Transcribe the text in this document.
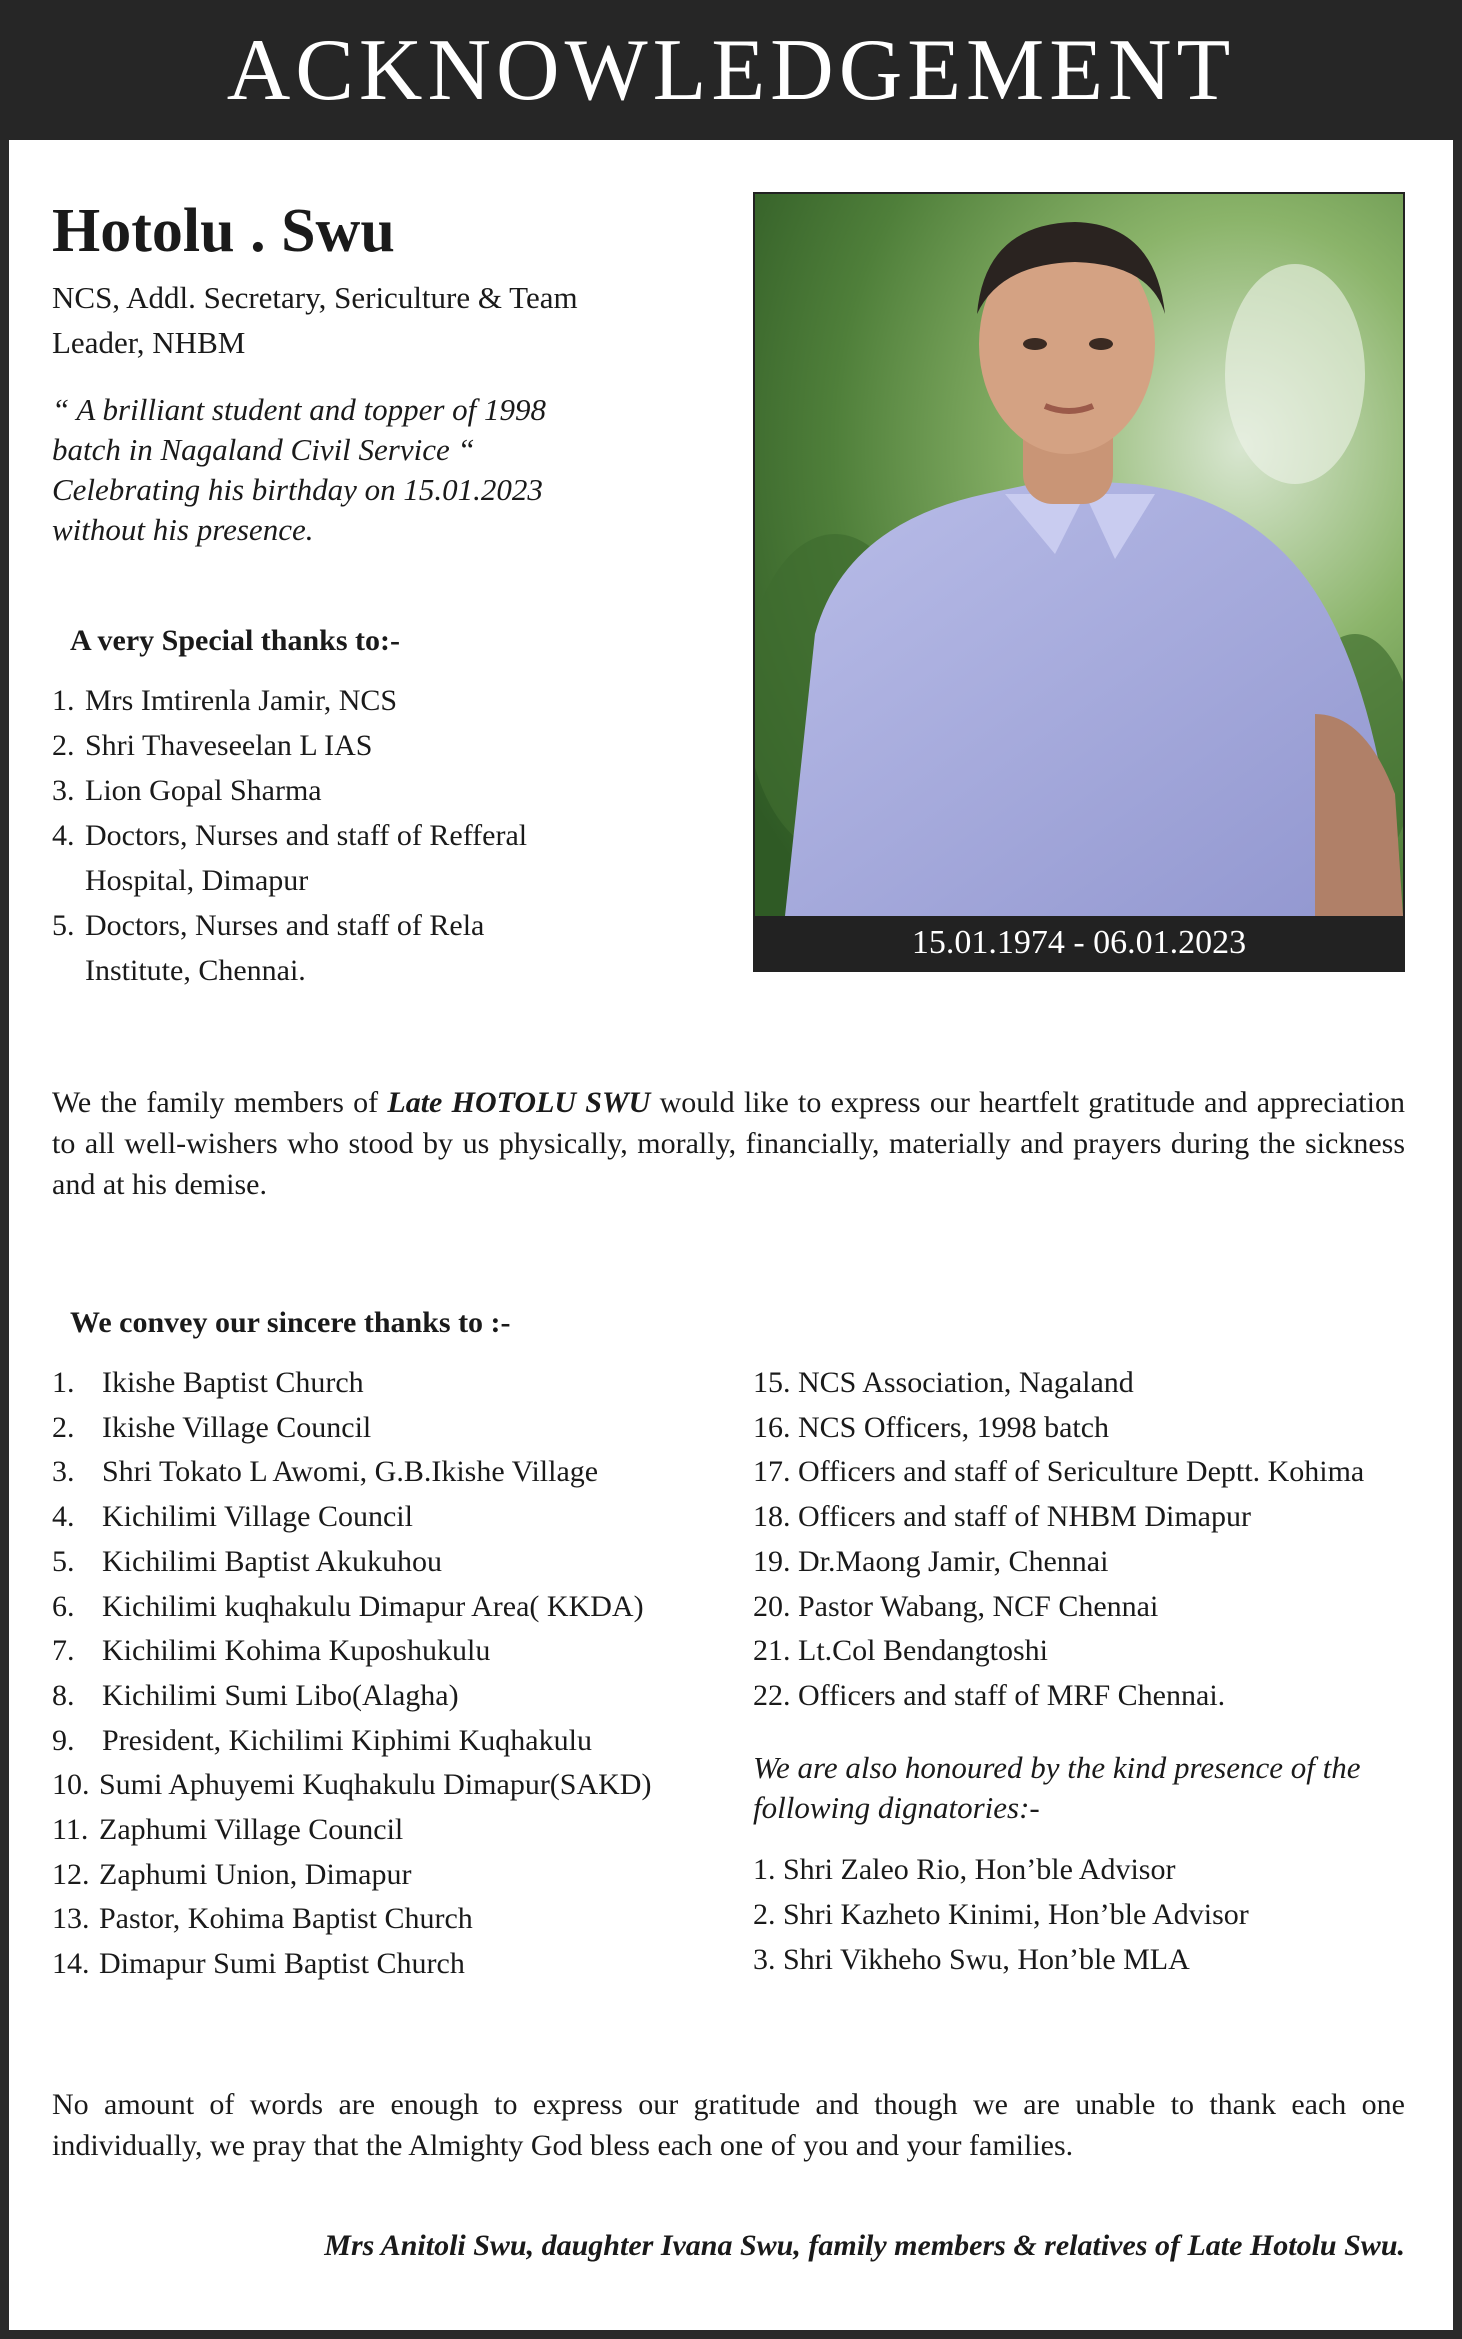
ACKNOWLEDGEMENT
Hotolu . Swu

NCS, Addl. Secretary, Sericulture & Team Leader, NHBM

“ A brilliant student and topper of 1998
batch in Nagaland Civil Service “
Celebrating his birthday on 15.01.2023
without his presence.

A very Special thanks to:-

1. Mrs Imtirenla Jamir, NCS
2. Shri Thaveseelan L IAS
3. Lion Gopal Sharma
4. Doctors, Nurses and staff of Refferal Hospital, Dimapur
5. Doctors, Nurses and staff of Rela Institute, Chennai.
15.01.1974 - 06.01.2023

We the family members of Late HOTOLU SWU would like to express our heartfelt gratitude and appreciation to all well-wishers who stood by us physically, morally, financially, materially and prayers during the sickness and at his demise.

We convey our sincere thanks to :-

1. Ikishe Baptist Church
2. Ikishe Village Council
3. Shri Tokato L Awomi, G.B.Ikishe Village
4. Kichilimi Village Council
5. Kichilimi Baptist Akukuhou
6. Kichilimi kuqhakulu Dimapur Area( KKDA)
7. Kichilimi Kohima Kuposhukulu
8. Kichilimi Sumi Libo(Alagha)
9. President, Kichilimi Kiphimi Kuqhakulu
10. Sumi Aphuyemi Kuqhakulu Dimapur(SAKD)
11. Zaphumi Village Council
12. Zaphumi Union, Dimapur
13. Pastor, Kohima Baptist Church
14. Dimapur Sumi Baptist Church
15. NCS Association, Nagaland
16. NCS Officers, 1998 batch
17. Officers and staff of Sericulture Deptt. Kohima
18. Officers and staff of NHBM Dimapur
19. Dr.Maong Jamir, Chennai
20. Pastor Wabang, NCF Chennai
21. Lt.Col Bendangtoshi
22. Officers and staff of MRF Chennai.

We are also honoured by the kind presence of the following dignatories:-

1. Shri Zaleo Rio, Hon’ble Advisor
2. Shri Kazheto Kinimi, Hon’ble Advisor
3. Shri Vikheho Swu, Hon’ble MLA

No amount of words are enough to express our gratitude and though we are unable to thank each one individually, we pray that the Almighty God bless each one of you and your families.

Mrs Anitoli Swu, daughter Ivana Swu, family members & relatives of Late Hotolu Swu.
